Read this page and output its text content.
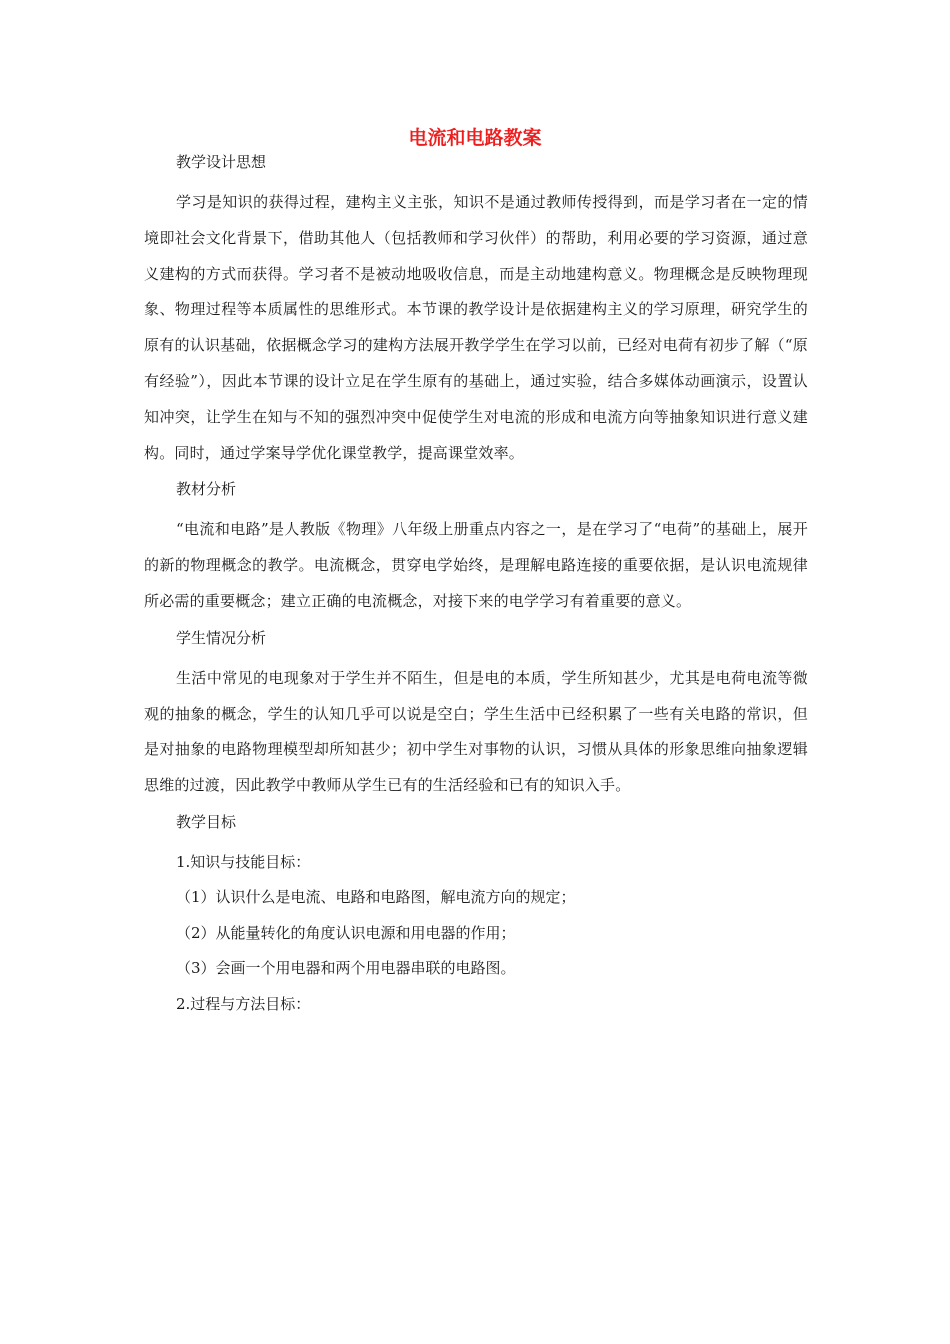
电流和电路教案

教学设计思想

学习是知识的获得过程，建构主义主张，知识不是通过教师传授得到，而是学习者在一定的情境即社会文化背景下，借助其他人（包括教师和学习伙伴）的帮助，利用必要的学习资源，通过意义建构的方式而获得。学习者不是被动地吸收信息，而是主动地建构意义。物理概念是反映物理现象、物理过程等本质属性的思维形式。本节课的教学设计是依据建构主义的学习原理，研究学生的原有的认识基础，依据概念学习的建构方法展开教学学生在学习以前，已经对电荷有初步了解（“原有经验”），因此本节课的设计立足在学生原有的基础上，通过实验，结合多媒体动画演示，设置认知冲突，让学生在知与不知的强烈冲突中促使学生对电流的形成和电流方向等抽象知识进行意义建构。同时，通过学案导学优化课堂教学，提高课堂效率。

教材分析

“电流和电路”是人教版《物理》八年级上册重点内容之一，是在学习了“电荷”的基础上，展开的新的物理概念的教学。电流概念，贯穿电学始终，是理解电路连接的重要依据，是认识电流规律所必需的重要概念；建立正确的电流概念，对接下来的电学学习有着重要的意义。

学生情况分析

生活中常见的电现象对于学生并不陌生，但是电的本质，学生所知甚少，尤其是电荷电流等微观的抽象的概念，学生的认知几乎可以说是空白；学生生活中已经积累了一些有关电路的常识，但是对抽象的电路物理模型却所知甚少；初中学生对事物的认识，习惯从具体的形象思维向抽象逻辑思维的过渡，因此教学中教师从学生已有的生活经验和已有的知识入手。

教学目标

1.知识与技能目标：

（1）认识什么是电流、电路和电路图，解电流方向的规定；

（2）从能量转化的角度认识电源和用电器的作用；

（3）会画一个用电器和两个用电器串联的电路图。

2.过程与方法目标：
